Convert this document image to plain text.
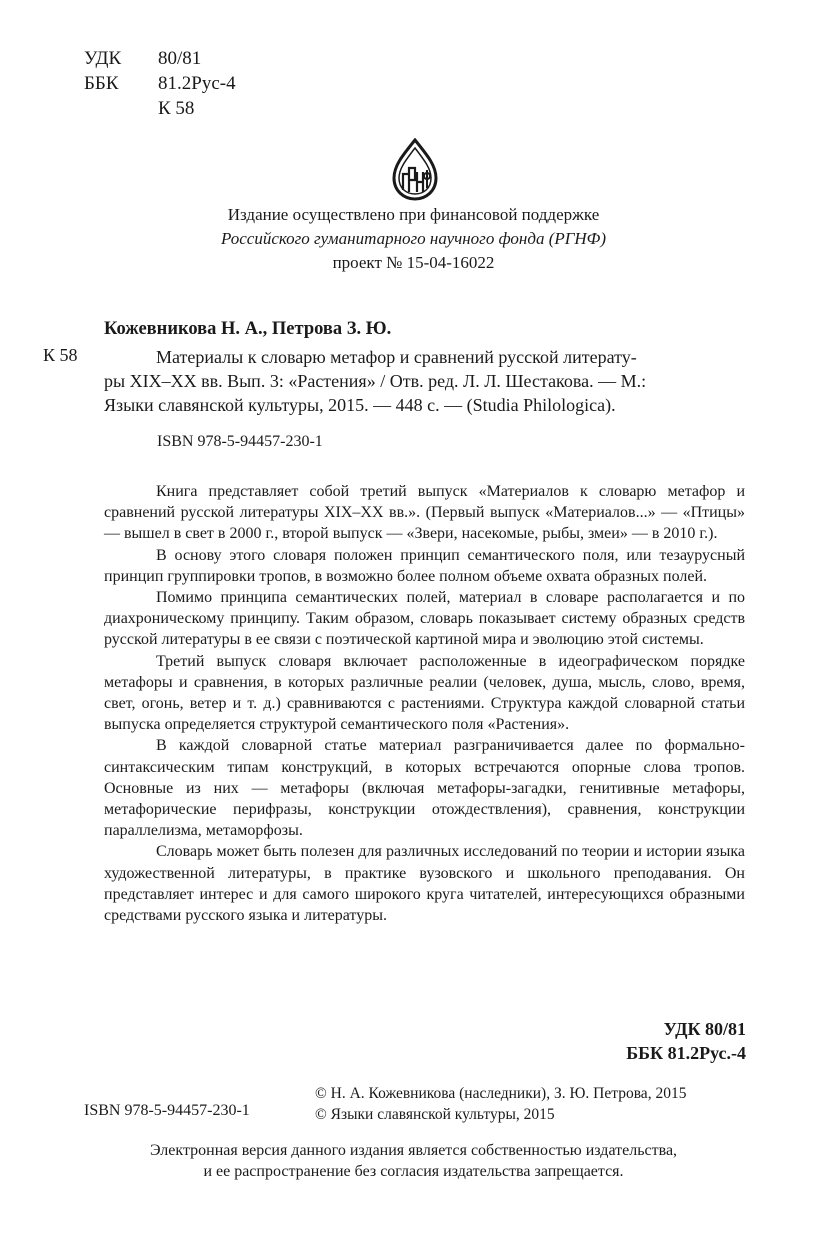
УДК 80/81
ББК 81.2Рус-4
К 58
Издание осуществлено при финансовой поддержке
Российского гуманитарного научного фонда (РГНФ)
проект № 15-04-16022
Кожевникова Н. А., Петрова З. Ю.
К 58	Материалы к словарю метафор и сравнений русской литерату-
ры XIX–XX вв. Вып. 3: «Растения» / Отв. ред. Л. Л. Шестакова. — М.:
Языки славянской культуры, 2015. — 448 с. — (Studia Philologica).
ISBN 978-5-94457-230-1

Книга представляет собой третий выпуск «Материалов к словарю метафор и сравнений русской литературы XIX–XX вв.». (Первый выпуск «Материалов...» — «Птицы» — вышел в свет в 2000 г., второй выпуск — «Звери, насекомые, рыбы, змеи» — в 2010 г.).

В основу этого словаря положен принцип семантического поля, или тезаурусный принцип группировки тропов, в возможно более полном объеме охвата образных полей.

Помимо принципа семантических полей, материал в словаре располагается и по диахроническому принципу. Таким образом, словарь показывает систему образных средств русской литературы в ее связи с поэтической картиной мира и эволюцию этой системы.

Третий выпуск словаря включает расположенные в идеографическом порядке метафоры и сравнения, в которых различные реалии (человек, душа, мысль, слово, время, свет, огонь, ветер и т. д.) сравниваются с растениями. Структура каждой словарной статьи выпуска определяется структурой семантического поля «Растения».

В каждой словарной статье материал разграничивается далее по формально-синтаксическим типам конструкций, в которых встречаются опорные слова тропов. Основные из них — метафоры (включая метафоры-загадки, генитивные метафоры, метафорические перифразы, конструкции отождествления), сравнения, конструкции параллелизма, метаморфозы.

Словарь может быть полезен для различных исследований по теории и истории языка художественной литературы, в практике вузовского и школьного преподавания. Он представляет интерес и для самого широкого круга читателей, интересующихся образными средствами русского языка и литературы.

УДК 80/81
ББК 81.2Рус.-4
© Н. А. Кожевникова (наследники), З. Ю. Петрова, 2015
© Языки славянской культуры, 2015
ISBN 978-5-94457-230-1
Электронная версия данного издания является собственностью издательства,
и ее распространение без согласия издательства запрещается.
